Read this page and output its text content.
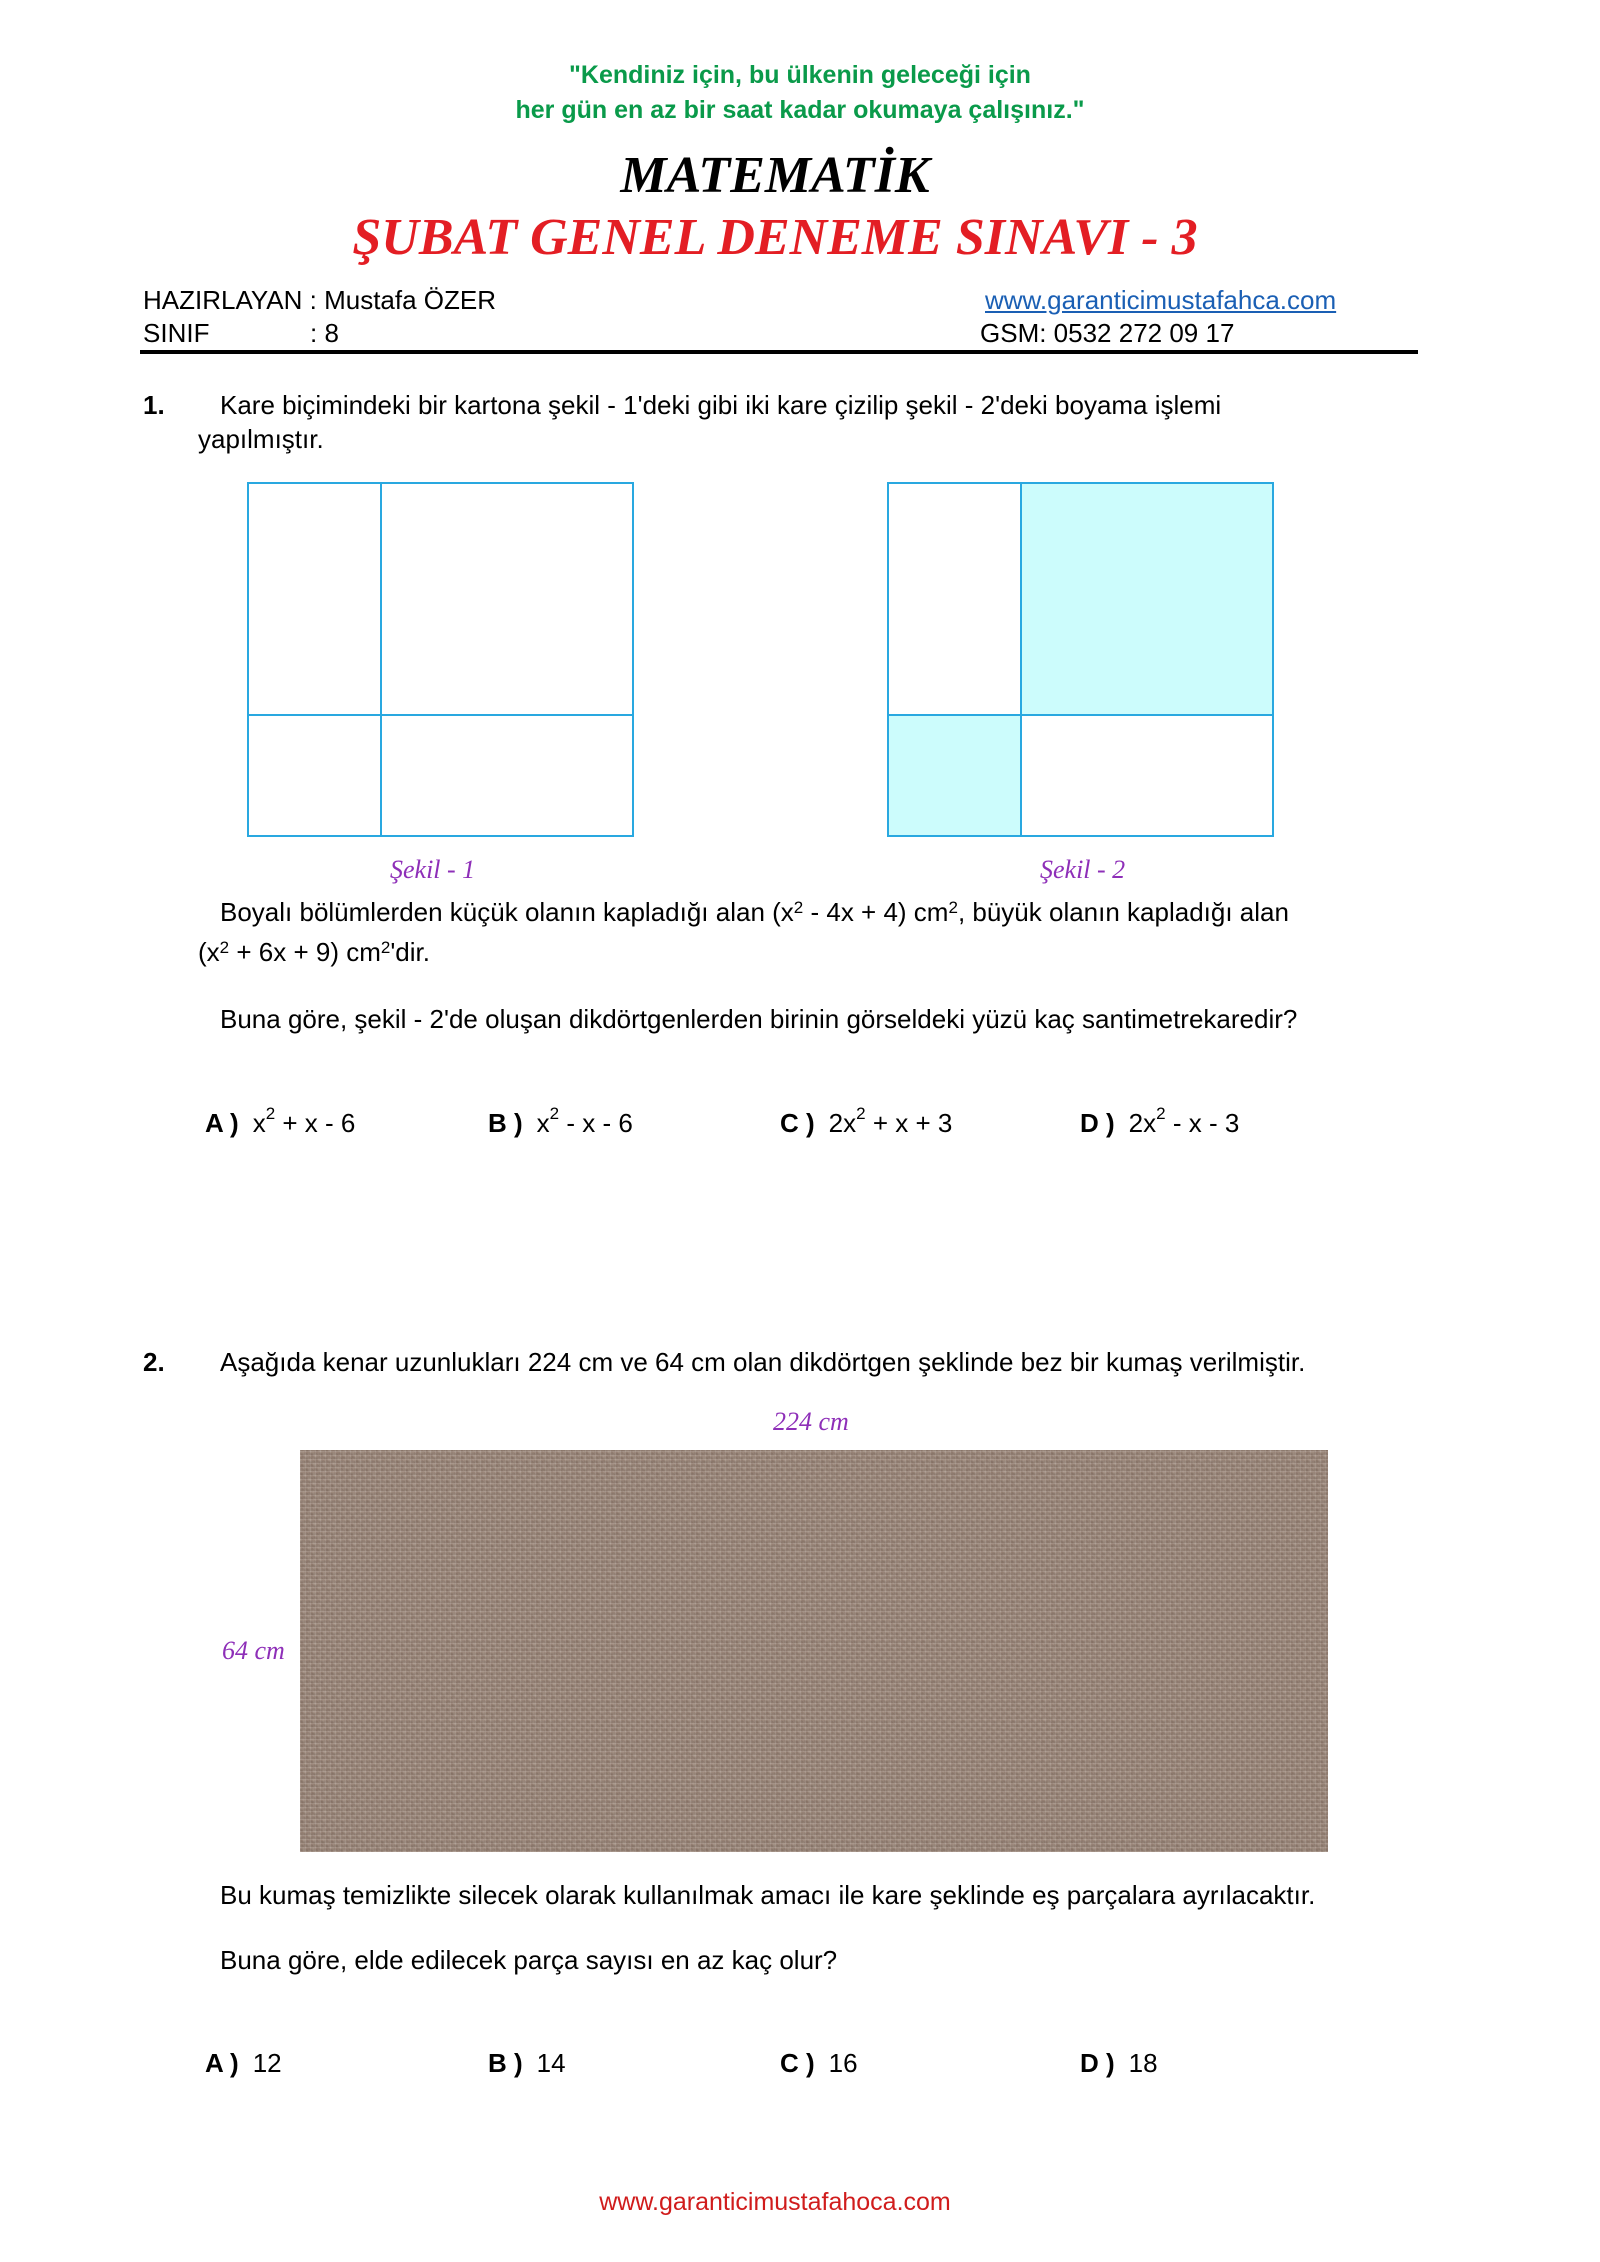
"Kendiniz için, bu ülkenin geleceği için
her gün en az bir saat kadar okumaya çalışınız."
MATEMATİK
ŞUBAT GENEL DENEME SINAVI - 3
HAZIRLAYAN : Mustafa ÖZER	www.garanticimustafahca.com
SINIF	: 8	GSM: 0532 272 09 17
1. Kare biçimindeki bir kartona şekil - 1'deki gibi iki kare çizilip şekil - 2'deki boyama işlemi
yapılmıştır.
Şekil - 1	Şekil - 2
Boyalı bölümlerden küçük olanın kapladığı alan $(x^2 - 4x + 4)$ $cm^2$, büyük olanın kapladığı alan
$(x^2 + 6x + 9)$ $cm^2'dir$.
Buna göre, şekil - 2'de oluşan dikdörtgenlerden birinin görseldeki yüzü kaç santimetrekaredir?
A ) $x^2 + x - 6$	B ) $x^2$ - x - 6	C ) $2x^2 + x + 3$	D ) $2x^2$ - x - 3
2. Aşağıda kenar uzunlukları 224 cm ve 64 cm olan dikdörtgen şeklinde bez bir kumaş verilmiştir.
224 cm
64 cm
Bu kumaş temizlikte silecek olarak kullanılmak amacı ile kare şeklinde eş parçalara ayrılacaktır.
Buna göre, elde edilecek parça sayısı en az kaç olur?
A ) 12	B ) 14	C ) 16	D ) 18
www.garanticimustafahoca.com
